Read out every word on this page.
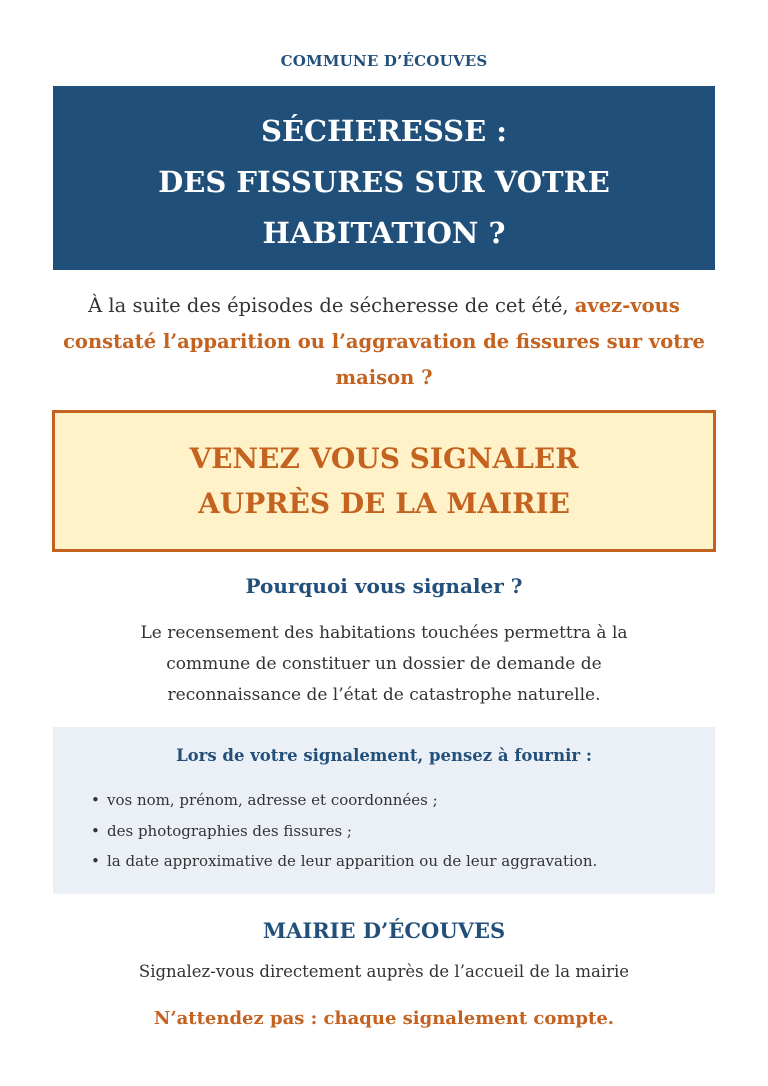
COMMUNE D’ÉCOUVES
SÉCHERESSE :
DES FISSURES SUR VOTRE
HABITATION ?
À la suite des épisodes de sécheresse de cet été, avez-vous constaté l’apparition ou l’aggravation de fissures sur votre maison ?
VENEZ VOUS SIGNALER
AUPRÈS DE LA MAIRIE
Pourquoi vous signaler ?
Le recensement des habitations touchées permettra à la
commune de constituer un dossier de demande de
reconnaissance de l’état de catastrophe naturelle.
Lors de votre signalement, pensez à fournir :
• vos nom, prénom, adresse et coordonnées ;
• des photographies des fissures ;
• la date approximative de leur apparition ou de leur aggravation.
MAIRIE D’ÉCOUVES
Signalez-vous directement auprès de l’accueil de la mairie
N’attendez pas : chaque signalement compte.
